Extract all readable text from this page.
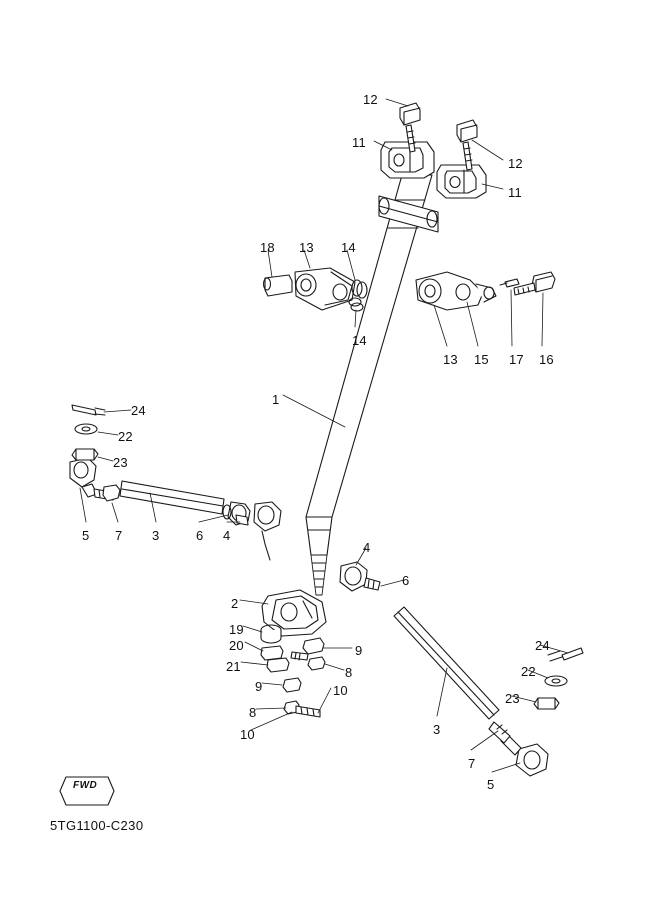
FWD
5TG1100-C230
12
11
12
11
18 13 14
14
13 15 17 16
1
24
22
23
5 7 3	6 4
4
6
2
19
20
21
9
8
10
9
8
10
24
22
23
3
7
5
